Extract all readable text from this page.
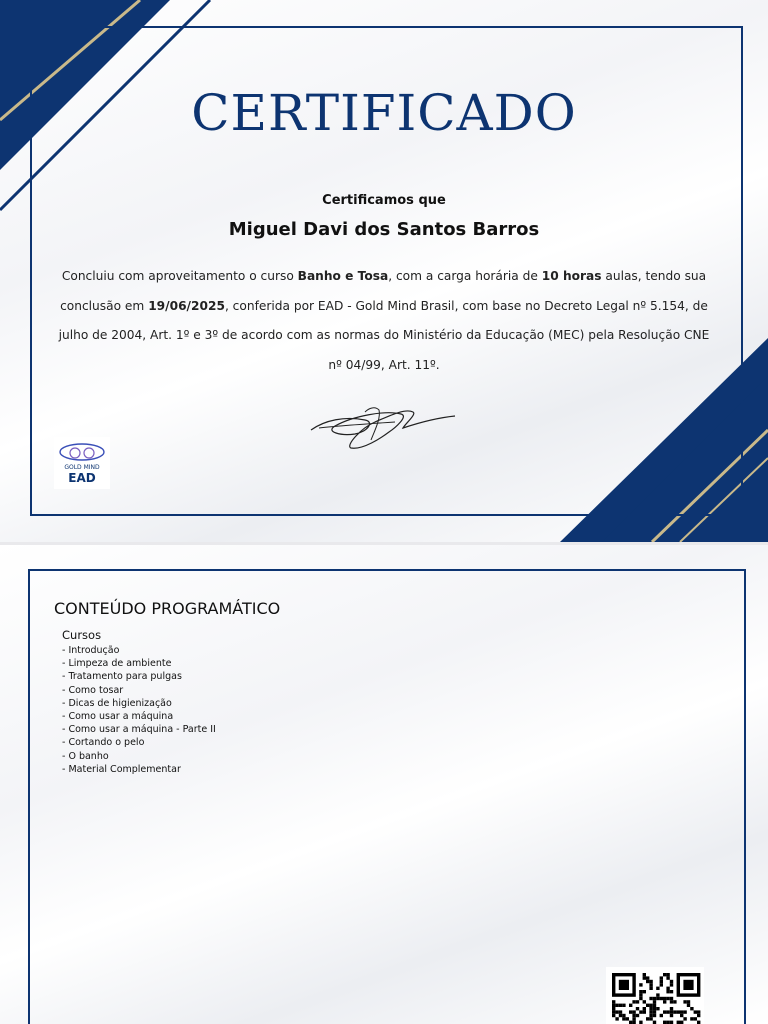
CERTIFICADO
Certificamos que
Miguel Davi dos Santos Barros
Concluiu com aproveitamento o curso Banho e Tosa, com a carga horária de 10 horas aulas, tendo sua conclusão em 19/06/2025, conferida por EAD - Gold Mind Brasil, com base no Decreto Legal nº 5.154, de julho de 2004, Art. 1º e 3º de acordo com as normas do Ministério da Educação (MEC) pela Resolução CNE nº 04/99, Art. 11º.
GOLD MIND
EAD
CONTEÚDO PROGRAMÁTICO
Cursos
- Introdução
- Limpeza de ambiente
- Tratamento para pulgas
- Como tosar
- Dicas de higienização
- Como usar a máquina
- Como usar a máquina - Parte II
- Cortando o pelo
- O banho
- Material Complementar
